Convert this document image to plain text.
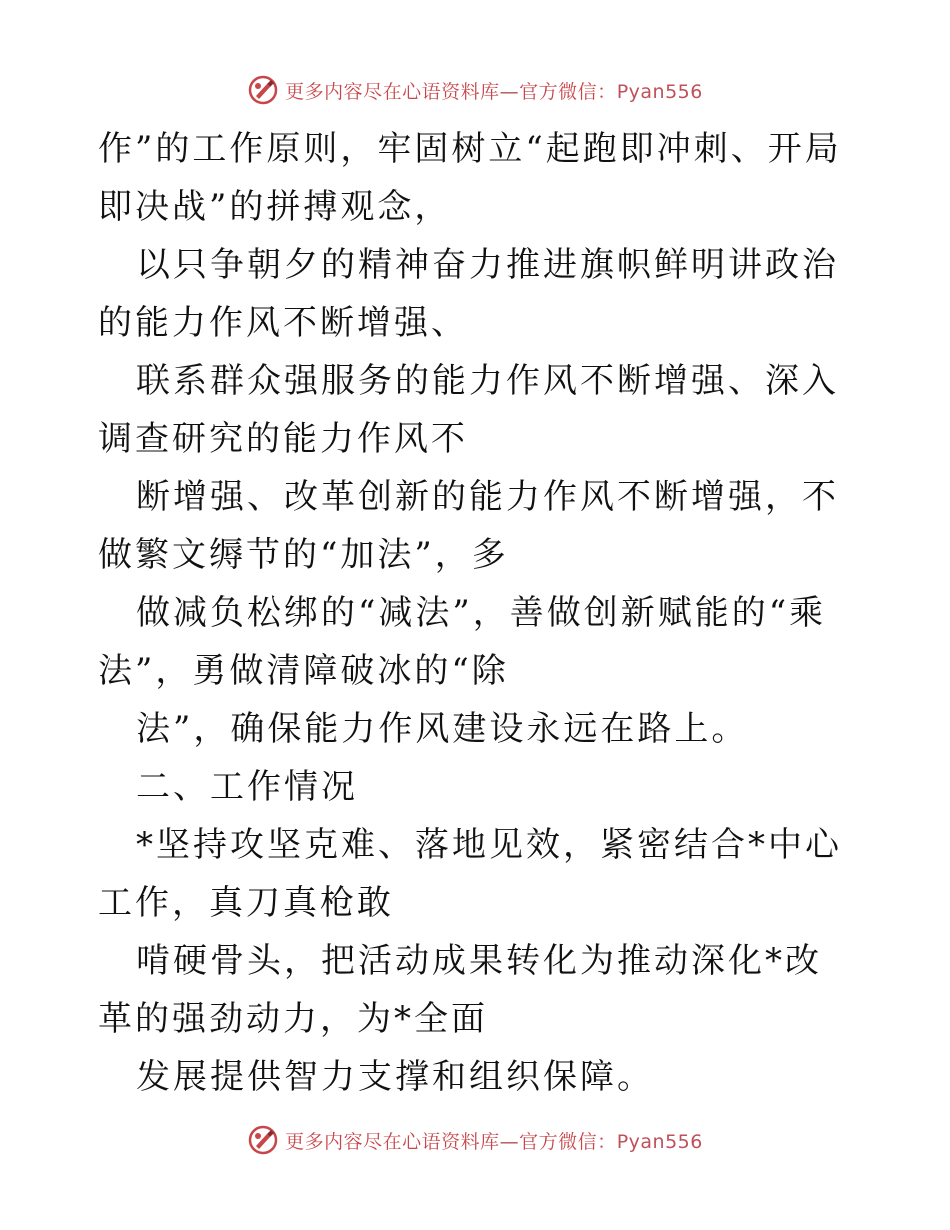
更多内容尽在心语资料库—官方微信：Pyan556

作”的工作原则，牢固树立“起跑即冲刺、开局即决战”的拼搏观念，

以只争朝夕的精神奋力推进旗帜鲜明讲政治的能力作风不断增强、

联系群众强服务的能力作风不断增强、深入调查研究的能力作风不

断增强、改革创新的能力作风不断增强，不做繁文缛节的“加法”，多

做减负松绑的“减法”，善做创新赋能的“乘法”，勇做清障破冰的“除

法”，确保能力作风建设永远在路上。

二、工作情况

*坚持攻坚克难、落地见效，紧密结合*中心工作，真刀真枪敢

啃硬骨头，把活动成果转化为推动深化*改革的强劲动力，为*全面

发展提供智力支撑和组织保障。

更多内容尽在心语资料库—官方微信：Pyan556
